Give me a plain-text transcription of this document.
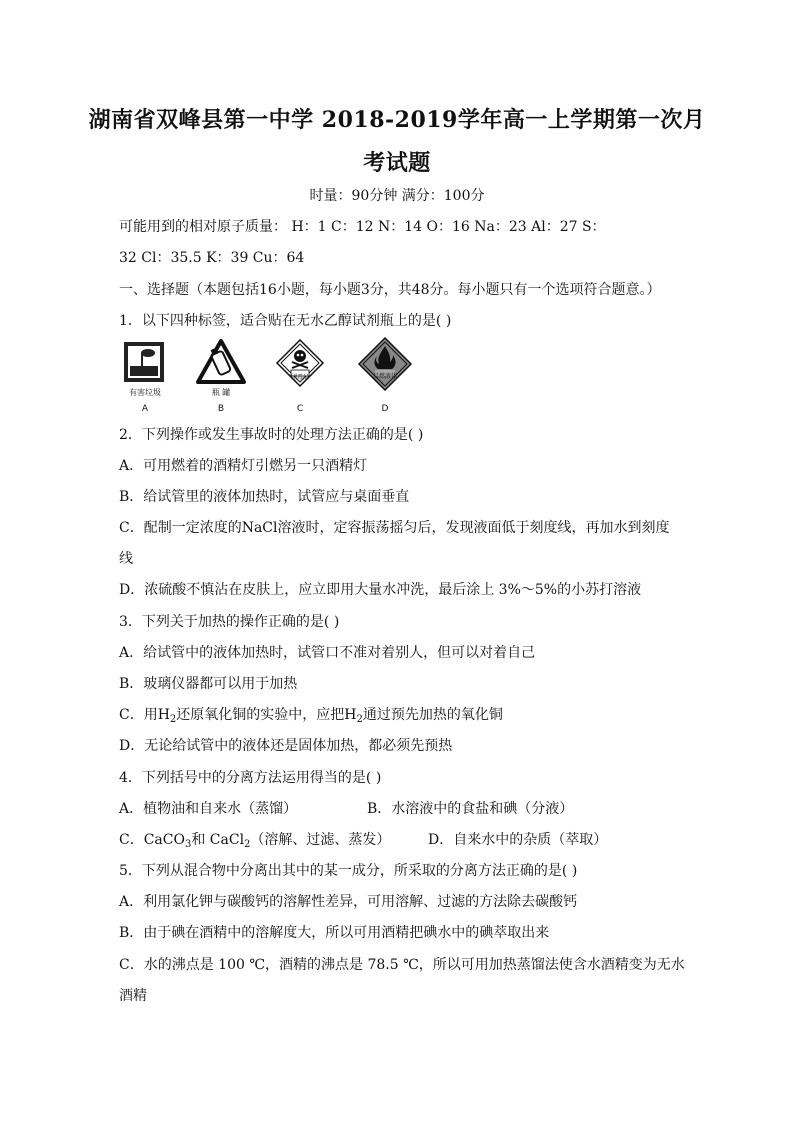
湖南省双峰县第一中学 2018-2019学年高一上学期第一次月
考试题
时量：90分钟 满分：100分
可能用到的相对原子质量： H：1 C：12 N：14 O：16 Na：23 Al：27 S：
32 Cl：35.5 K：39 Cu：64
一、选择题（本题包括16小题，每小题3分，共48分。每小题只有一个选项符合题意。）
1．以下四种标签，适合贴在无水乙醇试剂瓶上的是( )
有害垃圾
A
瓶 罐
B
剧毒品
C
易燃液体
D
2．下列操作或发生事故时的处理方法正确的是( )
A．可用燃着的酒精灯引燃另一只酒精灯
B．给试管里的液体加热时，试管应与桌面垂直
C．配制一定浓度的NaCl溶液时，定容振荡摇匀后，发现液面低于刻度线，再加水到刻度
线
D．浓硫酸不慎沾在皮肤上，应立即用大量水冲洗，最后涂上 3%～5%的小苏打溶液
3．下列关于加热的操作正确的是( )
A．给试管中的液体加热时，试管口不准对着别人，但可以对着自己
B．玻璃仪器都可以用于加热
C．用$H_2$还原氧化铜的实验中，应把$H_2$通过预先加热的氧化铜
D．无论给试管中的液体还是固体加热，都必须先预热
4．下列括号中的分离方法运用得当的是( )
A．植物油和自来水（蒸馏）	B．水溶液中的食盐和碘（分液）
C．CaCO$_3$和 CaCl$_2$（溶解、过滤、蒸发）	D．自来水中的杂质（萃取）
5．下列从混合物中分离出其中的某一成分，所采取的分离方法正确的是( )
A．利用氯化钾与碳酸钙的溶解性差异，可用溶解、过滤的方法除去碳酸钙
B．由于碘在酒精中的溶解度大，所以可用酒精把碘水中的碘萃取出来
C．水的沸点是 100 ℃，酒精的沸点是 78.5 ℃，所以可用加热蒸馏法使含水酒精变为无水
酒精
